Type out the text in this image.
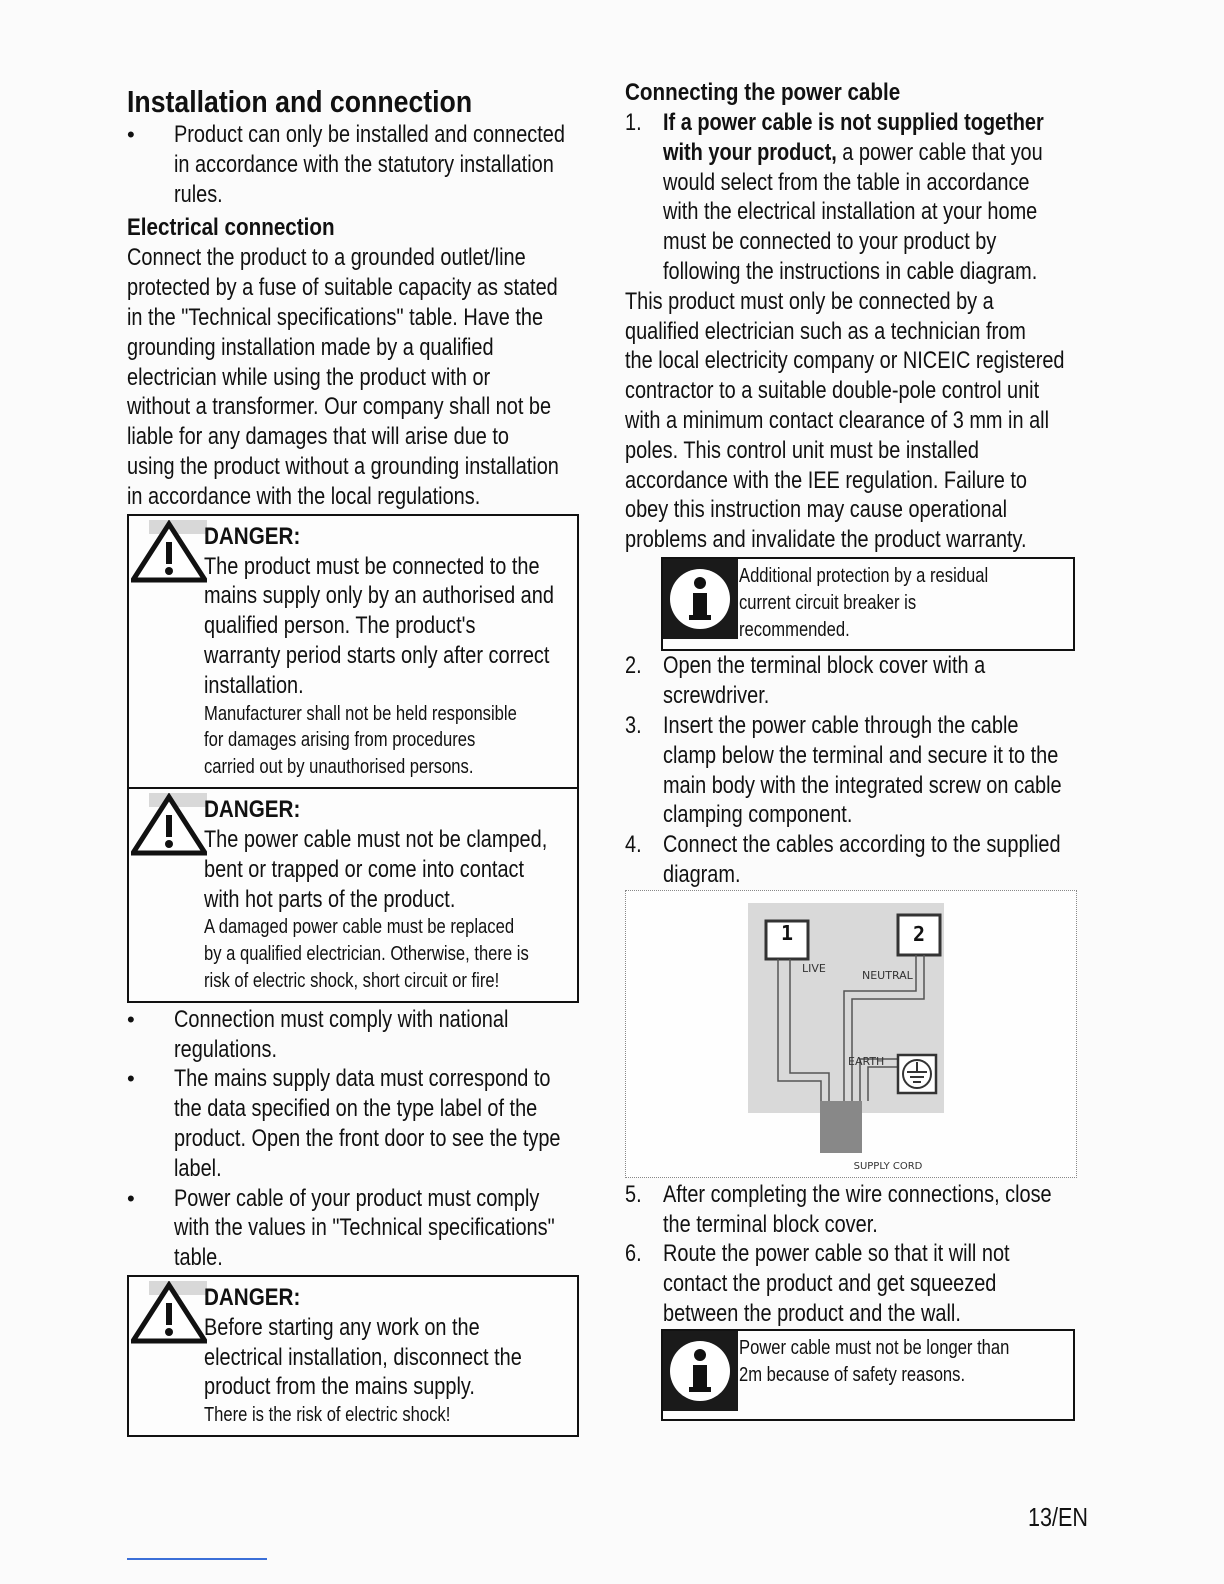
Installation and connection
• Product can only be installed and connected
in accordance with the statutory installation
rules.
Electrical connection
Connect the product to a grounded outlet/line
protected by a fuse of suitable capacity as stated
in the "Technical specifications" table. Have the
grounding installation made by a qualified
electrician while using the product with or
without a transformer. Our company shall not be
liable for any damages that will arise due to
using the product without a grounding installation
in accordance with the local regulations.
DANGER:
The product must be connected to the
mains supply only by an authorised and
qualified person. The product's
warranty period starts only after correct
installation.
Manufacturer shall not be held responsible
for damages arising from procedures
carried out by unauthorised persons.
DANGER:
The power cable must not be clamped,
bent or trapped or come into contact
with hot parts of the product.
A damaged power cable must be replaced
by a qualified electrician. Otherwise, there is
risk of electric shock, short circuit or fire!
• Connection must comply with national
regulations.
• The mains supply data must correspond to
the data specified on the type label of the
product. Open the front door to see the type
label.
• Power cable of your product must comply
with the values in "Technical specifications"
table.
DANGER:
Before starting any work on the
electrical installation, disconnect the
product from the mains supply.
There is the risk of electric shock!
Connecting the power cable
1. If a power cable is not supplied together
with your product, a power cable that you
would select from the table in accordance
with the electrical installation at your home
must be connected to your product by
following the instructions in cable diagram.
This product must only be connected by a
qualified electrician such as a technician from
the local electricity company or NICEIC registered
contractor to a suitable double-pole control unit
with a minimum contact clearance of 3 mm in all
poles. This control unit must be installed
accordance with the IEE regulation. Failure to
obey this instruction may cause operational
problems and invalidate the product warranty.
Additional protection by a residual
current circuit breaker is
recommended.
2. Open the terminal block cover with a
screwdriver.
3. Insert the power cable through the cable
clamp below the terminal and secure it to the
main body with the integrated screw on cable
clamping component.
4. Connect the cables according to the supplied
diagram.
1	2
LIVE
NEUTRAL
EARTH
SUPPLY CORD
5. After completing the wire connections, close
the terminal block cover.
6. Route the power cable so that it will not
contact the product and get squeezed
between the product and the wall.
Power cable must not be longer than
2m because of safety reasons.
13/EN
